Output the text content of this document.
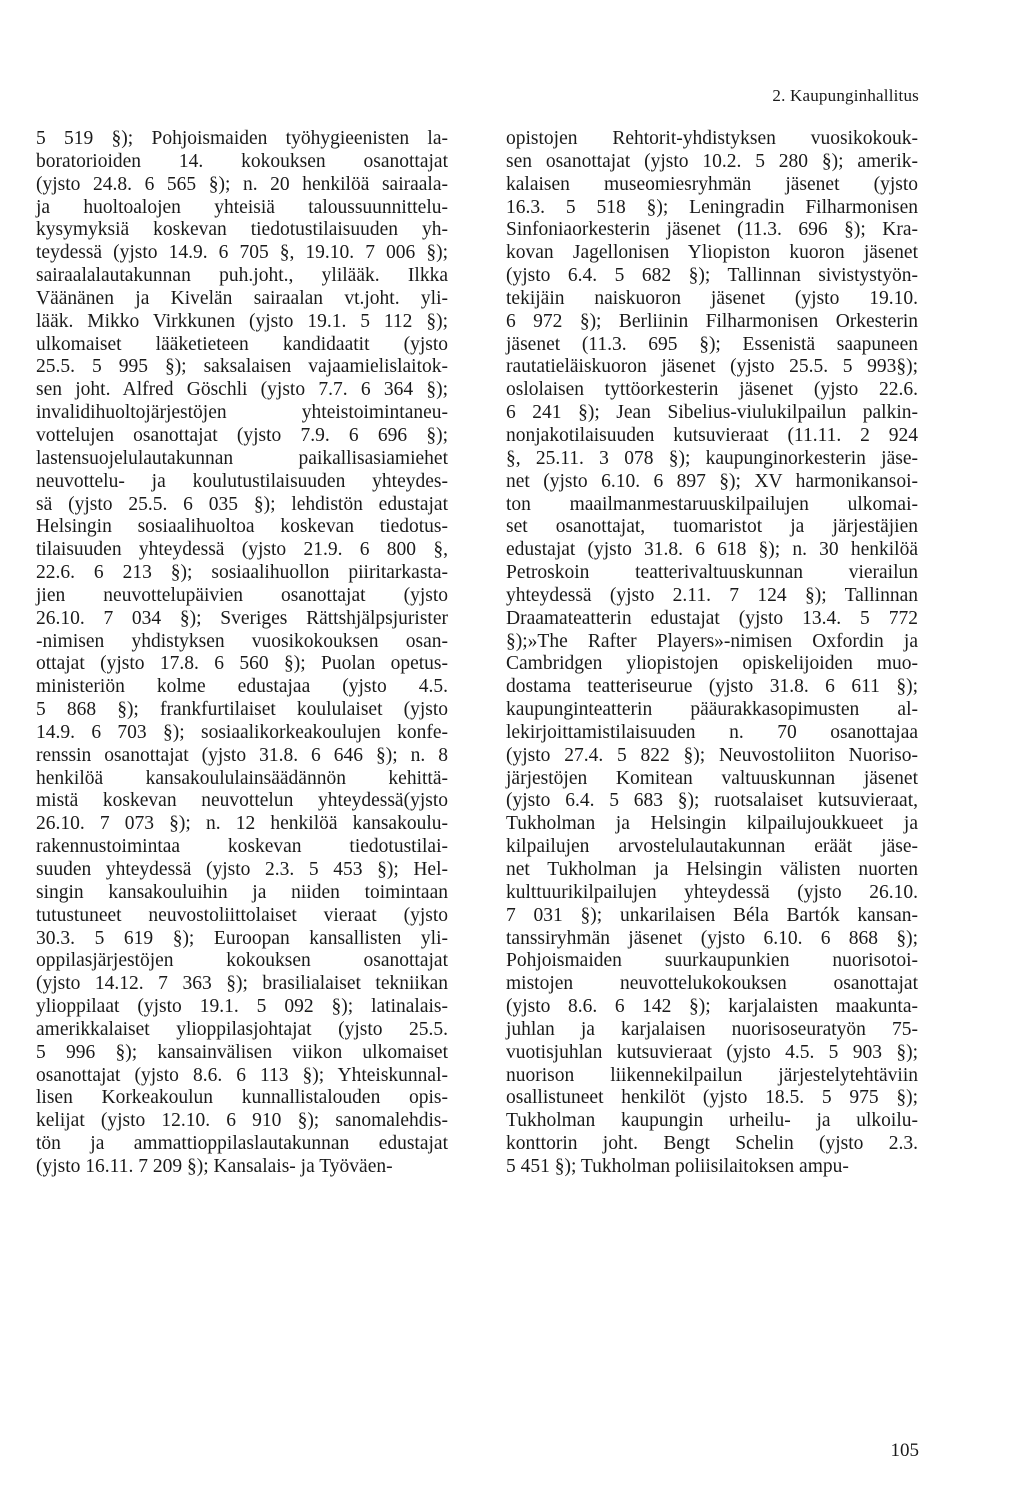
2. Kaupunginhallitus
5 519 §); Pohjoismaiden työhygieenisten la-
boratorioiden 14. kokouksen osanottajat
(yjsto 24.8. 6 565 §); n. 20 henkilöä sairaala-
ja huoltoalojen yhteisiä taloussuunnittelu-
kysymyksiä koskevan tiedotustilaisuuden yh-
teydessä (yjsto 14.9. 6 705 §, 19.10. 7 006 §);
sairaalalautakunnan puh.joht., ylilääk. Ilkka
Väänänen ja Kivelän sairaalan vt.joht. yli-
lääk. Mikko Virkkunen (yjsto 19.1. 5 112 §);
ulkomaiset lääketieteen kandidaatit (yjsto
25.5. 5 995 §); saksalaisen vajaamielislaitok-
sen joht. Alfred Göschli (yjsto 7.7. 6 364 §);
invalidihuoltojärjestöjen yhteistoimintaneu-
vottelujen osanottajat (yjsto 7.9. 6 696 §);
lastensuojelulautakunnan paikallisasiamiehet
neuvottelu- ja koulutustilaisuuden yhteydes-
sä (yjsto 25.5. 6 035 §); lehdistön edustajat
Helsingin sosiaalihuoltoa koskevan tiedotus-
tilaisuuden yhteydessä (yjsto 21.9. 6 800 §,
22.6. 6 213 §); sosiaalihuollon piiritarkasta-
jien neuvottelupäivien osanottajat (yjsto
26.10. 7 034 §); Sveriges Rättshjälpsjurister
-nimisen yhdistyksen vuosikokouksen osan-
ottajat (yjsto 17.8. 6 560 §); Puolan opetus-
ministeriön kolme edustajaa (yjsto 4.5.
5 868 §); frankfurtilaiset koululaiset (yjsto
14.9. 6 703 §); sosiaalikorkeakoulujen konfe-
renssin osanottajat (yjsto 31.8. 6 646 §); n. 8
henkilöä kansakoululainsäädännön kehittä-
mistä koskevan neuvottelun yhteydessä(yjsto
26.10. 7 073 §); n. 12 henkilöä kansakoulu-
rakennustoimintaa koskevan tiedotustilai-
suuden yhteydessä (yjsto 2.3. 5 453 §); Hel-
singin kansakouluihin ja niiden toimintaan
tutustuneet neuvostoliittolaiset vieraat (yjsto
30.3. 5 619 §); Euroopan kansallisten yli-
oppilasjärjestöjen kokouksen osanottajat
(yjsto 14.12. 7 363 §); brasilialaiset tekniikan
ylioppilaat (yjsto 19.1. 5 092 §); latinalais-
amerikkalaiset ylioppilasjohtajat (yjsto 25.5.
5 996 §); kansainvälisen viikon ulkomaiset
osanottajat (yjsto 8.6. 6 113 §); Yhteiskunnal-
lisen Korkeakoulun kunnallistalouden opis-
kelijat (yjsto 12.10. 6 910 §); sanomalehdis-
tön ja ammattioppilaslautakunnan edustajat
(yjsto 16.11. 7 209 §); Kansalais- ja Työväen-
opistojen Rehtorit-yhdistyksen vuosikokouk-
sen osanottajat (yjsto 10.2. 5 280 §); amerik-
kalaisen museomiesryhmän jäsenet (yjsto
16.3. 5 518 §); Leningradin Filharmonisen
Sinfoniaorkesterin jäsenet (11.3. 696 §); Kra-
kovan Jagellonisen Yliopiston kuoron jäsenet
(yjsto 6.4. 5 682 §); Tallinnan sivistystyön-
tekijäin naiskuoron jäsenet (yjsto 19.10.
6 972 §); Berliinin Filharmonisen Orkesterin
jäsenet (11.3. 695 §); Essenistä saapuneen
rautatieläiskuoron jäsenet (yjsto 25.5. 5 993§);
oslolaisen tyttöorkesterin jäsenet (yjsto 22.6.
6 241 §); Jean Sibelius-viulukilpailun palkin-
nonjakotilaisuuden kutsuvieraat (11.11. 2 924
§, 25.11. 3 078 §); kaupunginorkesterin jäse-
net (yjsto 6.10. 6 897 §); XV harmonikansoi-
ton maailmanmestaruuskilpailujen ulkomai-
set osanottajat, tuomaristot ja järjestäjien
edustajat (yjsto 31.8. 6 618 §); n. 30 henkilöä
Petroskoin teatterivaltuuskunnan vierailun
yhteydessä (yjsto 2.11. 7 124 §); Tallinnan
Draamateatterin edustajat (yjsto 13.4. 5 772
§);»The Rafter Players»-nimisen Oxfordin ja
Cambridgen yliopistojen opiskelijoiden muo-
dostama teatteriseurue (yjsto 31.8. 6 611 §);
kaupunginteatterin pääurakkasopimusten al-
lekirjoittamistilaisuuden n. 70 osanottajaa
(yjsto 27.4. 5 822 §); Neuvostoliiton Nuoriso-
järjestöjen Komitean valtuuskunnan jäsenet
(yjsto 6.4. 5 683 §); ruotsalaiset kutsuvieraat,
Tukholman ja Helsingin kilpailujoukkueet ja
kilpailujen arvostelulautakunnan eräät jäse-
net Tukholman ja Helsingin välisten nuorten
kulttuurikilpailujen yhteydessä (yjsto 26.10.
7 031 §); unkarilaisen Béla Bartók kansan-
tanssiryhmän jäsenet (yjsto 6.10. 6 868 §);
Pohjoismaiden suurkaupunkien nuorisotoi-
mistojen neuvottelukokouksen osanottajat
(yjsto 8.6. 6 142 §); karjalaisten maakunta-
juhlan ja karjalaisen nuorisoseuratyön 75-
vuotisjuhlan kutsuvieraat (yjsto 4.5. 5 903 §);
nuorison liikennekilpailun järjestelytehtäviin
osallistuneet henkilöt (yjsto 18.5. 5 975 §);
Tukholman kaupungin urheilu- ja ulkoilu-
konttorin joht. Bengt Schelin (yjsto 2.3.
5 451 §); Tukholman poliisilaitoksen ampu-
105
